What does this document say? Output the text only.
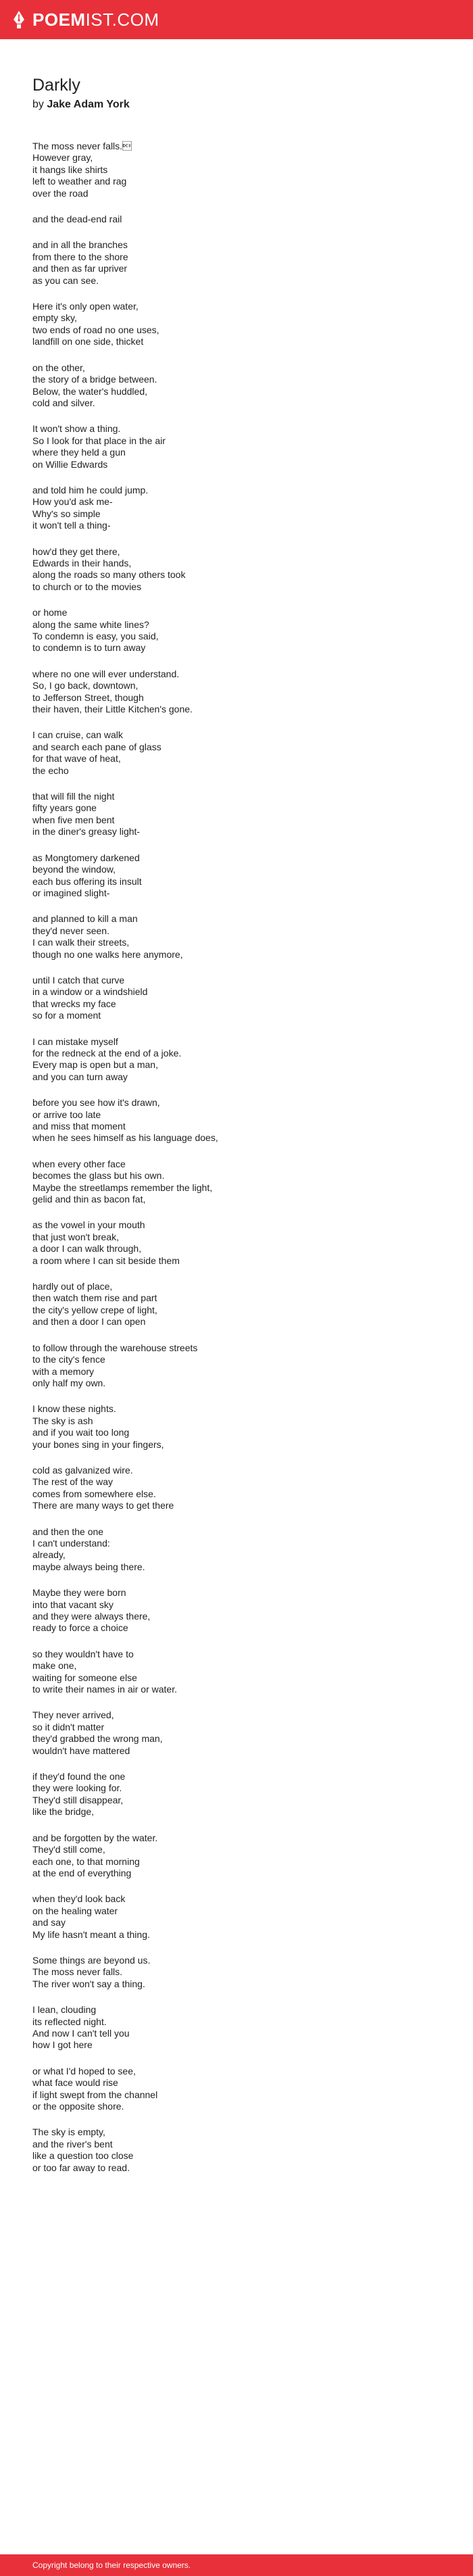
POEMIST.COM
Darkly
by Jake Adam York
The moss never falls.
However gray,
it hangs like shirts
left to weather and rag
over the road
and the dead-end rail
and in all the branches
from there to the shore
and then as far upriver
as you can see.
Here it's only open water,
empty sky,
two ends of road no one uses,
landfill on one side, thicket
on the other,
the story of a bridge between.
Below, the water's huddled,
cold and silver.
It won't show a thing.
So I look for that place in the air
where they held a gun
on Willie Edwards
and told him he could jump.
How you'd ask me-
Why's so simple
it won't tell a thing-
how'd they get there,
Edwards in their hands,
along the roads so many others took
to church or to the movies
or home
along the same white lines?
To condemn is easy, you said,
to condemn is to turn away
where no one will ever understand.
So, I go back, downtown,
to Jefferson Street, though
their haven, their Little Kitchen's gone.
I can cruise, can walk
and search each pane of glass
for that wave of heat,
the echo
that will fill the night
fifty years gone
when five men bent
in the diner's greasy light-
as Mongtomery darkened
beyond the window,
each bus offering its insult
or imagined slight-
and planned to kill a man
they'd never seen.
I can walk their streets,
though no one walks here anymore,
until I catch that curve
in a window or a windshield
that wrecks my face
so for a moment
I can mistake myself
for the redneck at the end of a joke.
Every map is open but a man,
and you can turn away
before you see how it's drawn,
or arrive too late
and miss that moment
when he sees himself as his language does,
when every other face
becomes the glass but his own.
Maybe the streetlamps remember the light,
gelid and thin as bacon fat,
as the vowel in your mouth
that just won't break,
a door I can walk through,
a room where I can sit beside them
hardly out of place,
then watch them rise and part
the city's yellow crepe of light,
and then a door I can open
to follow through the warehouse streets
to the city's fence
with a memory
only half my own.
I know these nights.
The sky is ash
and if you wait too long
your bones sing in your fingers,
cold as galvanized wire.
The rest of the way
comes from somewhere else.
There are many ways to get there
and then the one
I can't understand:
already,
maybe always being there.
Maybe they were born
into that vacant sky
and they were always there,
ready to force a choice
so they wouldn't have to
make one,
waiting for someone else
to write their names in air or water.
They never arrived,
so it didn't matter
they'd grabbed the wrong man,
wouldn't have mattered
if they'd found the one
they were looking for.
They'd still disappear,
like the bridge,
and be forgotten by the water.
They'd still come,
each one, to that morning
at the end of everything
when they'd look back
on the healing water
and say
My life hasn't meant a thing.
Some things are beyond us.
The moss never falls.
The river won't say a thing.
I lean, clouding
its reflected night.
And now I can't tell you
how I got here
or what I'd hoped to see,
what face would rise
if light swept from the channel
or the opposite shore.
The sky is empty,
and the river's bent
like a question too close
or too far away to read.
Copyright belong to their respective owners.
